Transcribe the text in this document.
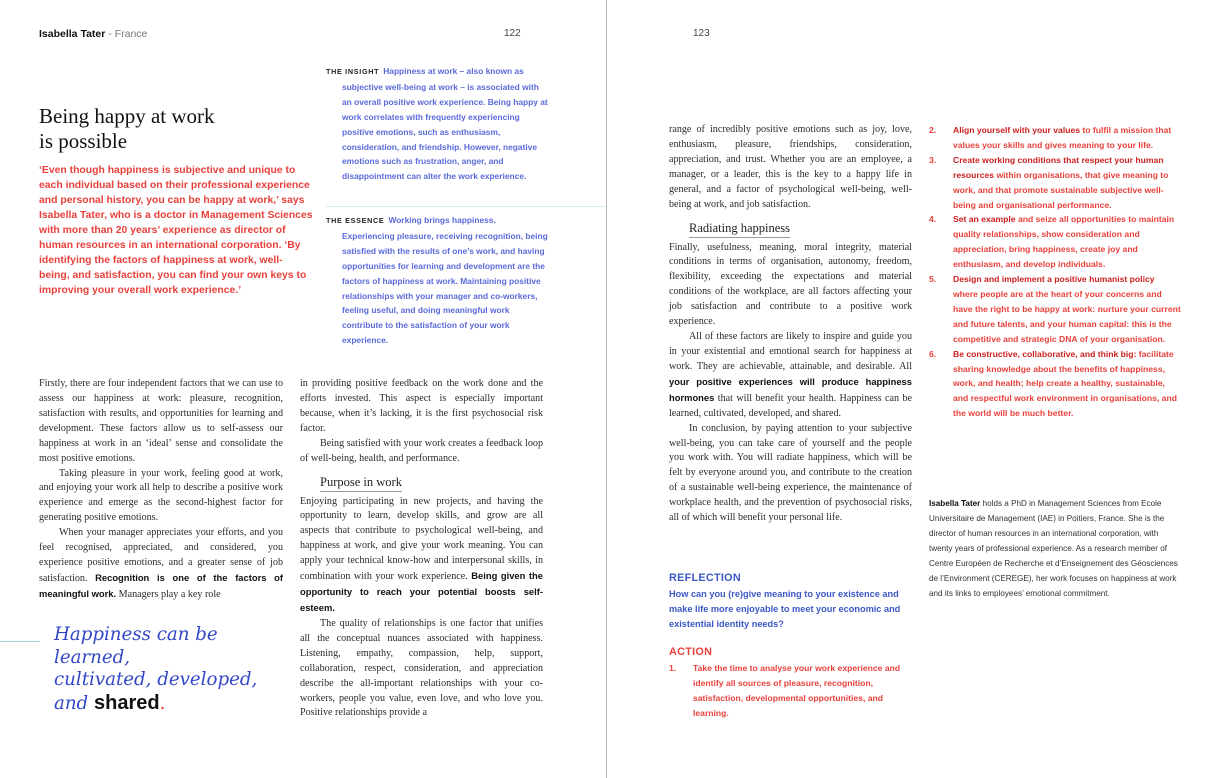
Isabella Tater - France	122
Being happy at work
is possible

‘Even though happiness is subjective and unique to each individual based on their professional experience and personal history, you can be happy at work,’ says Isabella Tater, who is a doctor in Management Sciences with more than 20 years’ experience as director of human resources in an international corporation. ‘By identifying the factors of happiness at work, well-being, and satisfaction, you can find your own keys to improving your overall work experience.’

THE INSIGHT Happiness at work – also known as
subjective well-being at work – is associated with an overall positive work experience. Being happy at work correlates with frequently experiencing positive emotions, such as enthusiasm, consideration, and friendship. However, negative emotions such as frustration, anger, and disappointment can alter the work experience.
THE ESSENCE Working brings happiness.
Experiencing pleasure, receiving recognition, being satisfied with the results of one’s work, and having opportunities for learning and development are the factors of happiness at work. Maintaining positive relationships with your manager and co-workers, feeling useful, and doing meaningful work contribute to the satisfaction of your work experience.

Firstly, there are four independent factors that we can use to assess our happiness at work: pleasure, recognition, satisfaction with results, and opportunities for learning and development. These factors allow us to self-assess our happiness at work in an ‘ideal’ sense and consolidate the most positive emotions.

Taking pleasure in your work, feeling good at work, and enjoying your work all help to describe a positive work experience and emerge as the second-highest factor for generating positive emotions.

When your manager appreciates your efforts, and you feel recognised, appreciated, and considered, you experience positive emotions, and a greater sense of job satisfaction. Recognition is one of the factors of meaningful work. Managers play a key role

Happiness can be learned,
cultivated, developed,
and shared.

in providing positive feedback on the work done and the efforts invested. This aspect is especially important because, when it’s lacking, it is the first psychosocial risk factor.

Being satisfied with your work creates a feedback loop of well-being, health, and performance.

Purpose in work

Enjoying participating in new projects, and having the opportunity to learn, develop skills, and grow are all aspects that contribute to psychological well-being, and happiness at work, and give your work meaning. You can apply your technical know-how and interpersonal skills, in combination with your work experience. Being given the opportunity to reach your potential boosts self-esteem.

The quality of relationships is one factor that unifies all the conceptual nuances associated with happiness. Listening, empathy, compassion, help, support, collaboration, respect, consideration, and appreciation describe the all-important relationships with your co-workers, people you value, even love, and who love you. Positive relationships provide a

123

range of incredibly positive emotions such as joy, love, enthusiasm, pleasure, friendships, consideration, appreciation, and trust. Whether you are an employee, a manager, or a leader, this is the key to a happy life in general, and a factor of psychological well-being, well-being at work, and job satisfaction.

Radiating happiness

Finally, usefulness, meaning, moral integrity, material conditions in terms of organisation, autonomy, freedom, flexibility, exceeding the expectations and material conditions of the workplace, are all factors affecting your job satisfaction and contribute to a positive work experience.

All of these factors are likely to inspire and guide you in your existential and emotional search for happiness at work. They are achievable, attainable, and desirable. All your positive experiences will produce happiness hormones that will benefit your health. Happiness can be learned, cultivated, developed, and shared.

In conclusion, by paying attention to your subjective well-being, you can take care of yourself and the people you work with. You will radiate happiness, which will be felt by everyone around you, and contribute to the creation of a sustainable well-being experience, the maintenance of workplace health, and the prevention of psychosocial risks, all of which will benefit your personal life.

REFLECTION

How can you (re)give meaning to your existence and make life more enjoyable to meet your economic and existential identity needs?

ACTION

1. Take the time to analyse your work experience and identify all sources of pleasure, recognition, satisfaction, developmental opportunities, and learning.
2. Align yourself with your values to fulfil a mission that values your skills and gives meaning to your life.
3. Create working conditions that respect your human resources within organisations, that give meaning to work, and that promote sustainable subjective well-being and organisational performance.
4. Set an example and seize all opportunities to maintain quality relationships, show consideration and appreciation, bring happiness, create joy and enthusiasm, and develop individuals.
5. Design and implement a positive humanist policy where people are at the heart of your concerns and have the right to be happy at work: nurture your current and future talents, and your human capital: this is the competitive and strategic DNA of your organisation.
6. Be constructive, collaborative, and think big: facilitate sharing knowledge about the benefits of happiness, work, and health; help create a healthy, sustainable, and respectful work environment in organisations, and the world will be much better.

Isabella Tater holds a PhD in Management Sciences from Ecole Universitaire de Management (IAE) in Poitiers, France. She is the director of human resources in an international corporation, with twenty years of professional experience. As a research member of Centre Européen de Recherche et d’Enseignement des Géosciences de l’Environment (CEREGE), her work focuses on happiness at work and its links to employees’ emotional commitment.
